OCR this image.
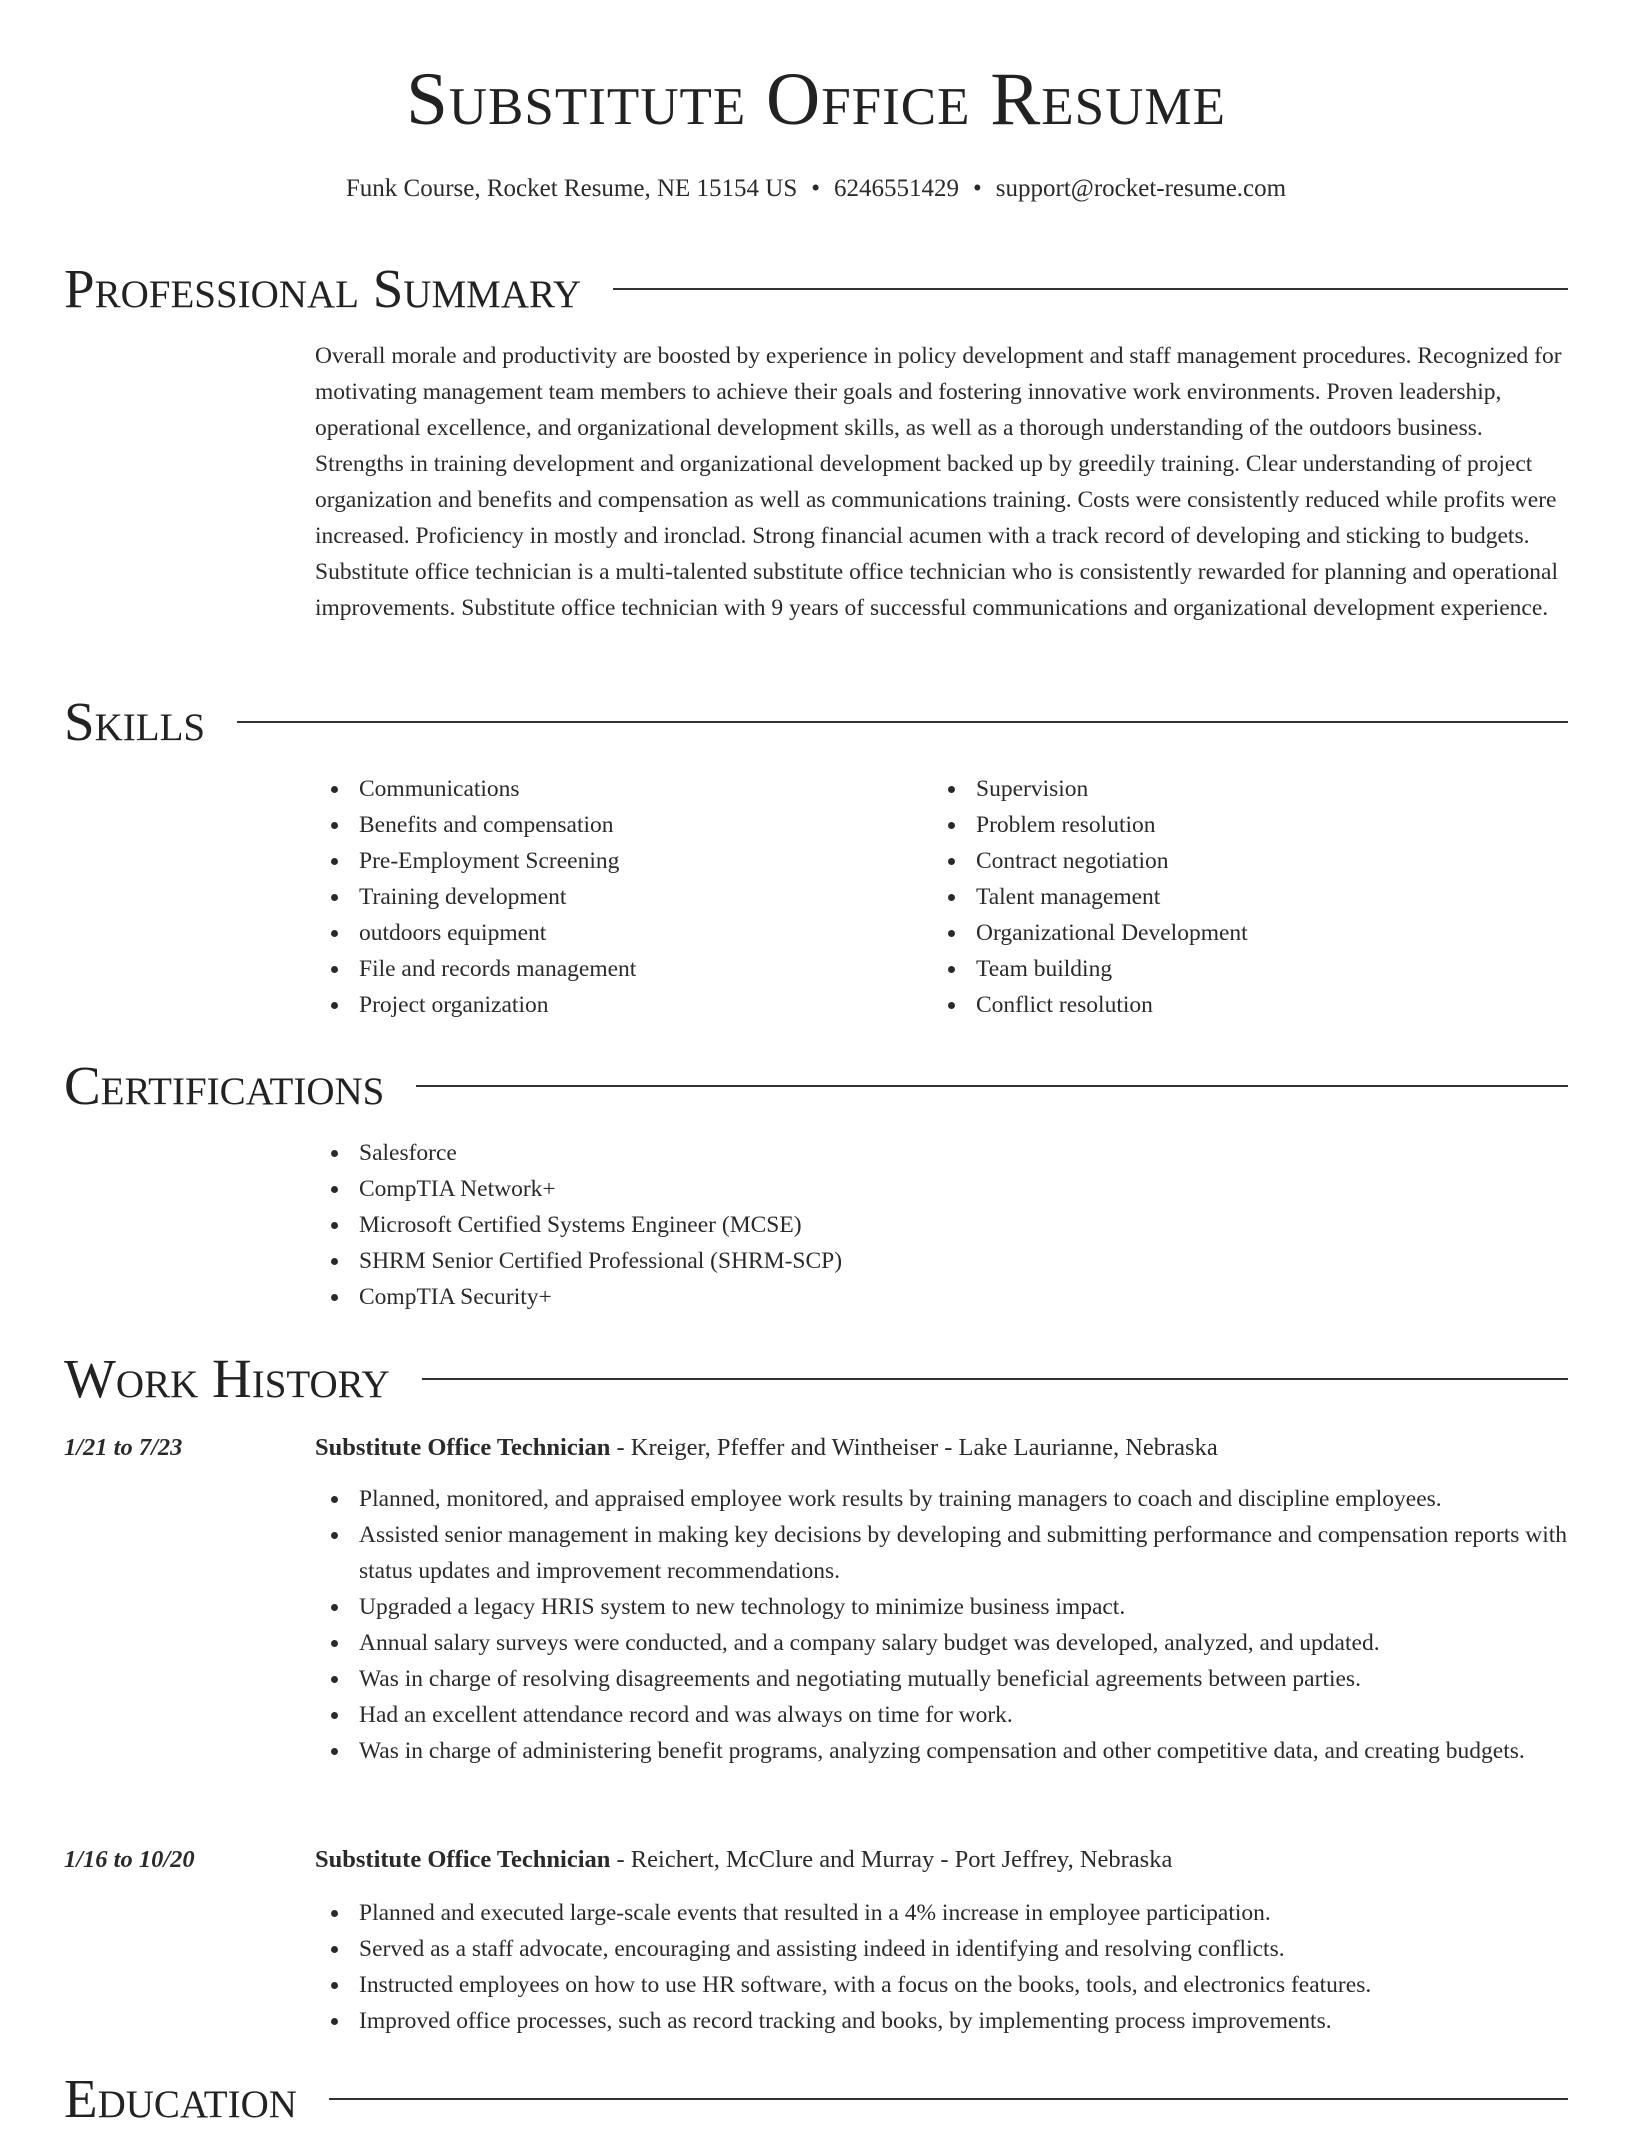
Substitute Office Resume
Funk Course, Rocket Resume, NE 15154 US • 6246551429 • support@rocket-resume.com
Professional Summary
Overall morale and productivity are boosted by experience in policy development and staff management procedures. Recognized for motivating management team members to achieve their goals and fostering innovative work environments. Proven leadership, operational excellence, and organizational development skills, as well as a thorough understanding of the outdoors business. Strengths in training development and organizational development backed up by greedily training. Clear understanding of project organization and benefits and compensation as well as communications training. Costs were consistently reduced while profits were increased. Proficiency in mostly and ironclad. Strong financial acumen with a track record of developing and sticking to budgets. Substitute office technician is a multi-talented substitute office technician who is consistently rewarded for planning and operational improvements. Substitute office technician with 9 years of successful communications and organizational development experience.
Skills
Communications
Benefits and compensation
Pre-Employment Screening
Training development
outdoors equipment
File and records management
Project organization
Supervision
Problem resolution
Contract negotiation
Talent management
Organizational Development
Team building
Conflict resolution
Certifications
Salesforce
CompTIA Network+
Microsoft Certified Systems Engineer (MCSE)
SHRM Senior Certified Professional (SHRM-SCP)
CompTIA Security+
Work History
1/21 to 7/23	Substitute Office Technician - Kreiger, Pfeffer and Wintheiser - Lake Laurianne, Nebraska
Planned, monitored, and appraised employee work results by training managers to coach and discipline employees.
Assisted senior management in making key decisions by developing and submitting performance and compensation reports with status updates and improvement recommendations.
Upgraded a legacy HRIS system to new technology to minimize business impact.
Annual salary surveys were conducted, and a company salary budget was developed, analyzed, and updated.
Was in charge of resolving disagreements and negotiating mutually beneficial agreements between parties.
Had an excellent attendance record and was always on time for work.
Was in charge of administering benefit programs, analyzing compensation and other competitive data, and creating budgets.
1/16 to 10/20	Substitute Office Technician - Reichert, McClure and Murray - Port Jeffrey, Nebraska
Planned and executed large-scale events that resulted in a 4% increase in employee participation.
Served as a staff advocate, encouraging and assisting indeed in identifying and resolving conflicts.
Instructed employees on how to use HR software, with a focus on the books, tools, and electronics features.
Improved office processes, such as record tracking and books, by implementing process improvements.
Education
